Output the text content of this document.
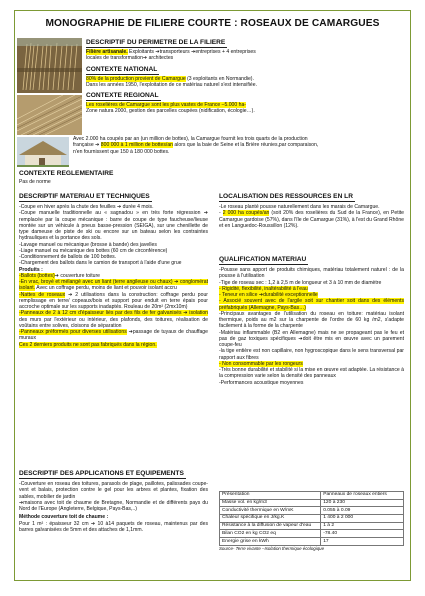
MONOGRAPHIE DE FILIERE COURTE : ROSEAUX DE CAMARGUES
DESCRIPTIF DU PERIMETRE DE LA FILIERE

Filière artisanale. Exploitants ➔transporteurs ➔entreprises + 4 entreprises

locales de transformation➔ architectes

CONTEXTE NATIONAL

80% de la production provient de Camargue (3 exploitants en Normandie).

Dans les années 1950, l'exploitation de ce matériau naturel s'est intensifiée.

CONTEXTE REGIONAL

Les roselières de Camargue sont les plus vastes de France –5.000 ha-

Zone natura 2000, gestion des parcelles coupées (nidification, écologie…).

Avec 2.000 ha coupés par an (un million de bottes), la Camargue fournit les trois quarts de la production

française ➔ 800 000 à 1 million de bottes/an alors que la baie de Seine et la Brière réunies,par comparaison,

n'en fournissent que 150 à 180 000 bottes.

CONTEXTE REGLEMENTAIRE
Pas de norme
DESCRIPTIF MATERIAU ET TECHNIQUES

-Coupe en hiver après la chute des feuilles ➔ durée 4 mois.

-Coupe manuelle traditionnelle au « sagnadou » en très forte régression ➔ remplacée par la coupe mécanique : barre de coupe de type faucheuse/lieuse montée sur un véhicule à pneus basse-pression (SEIGA), sur une chenillette de type dameuse de piste de ski ou encore sur un bateau selon les contraintes hydrauliques et la portance des sols.

-Lavage manuel ou mécanique (brosse à bande) des javelles

-Liage manuel ou mécanique des bottes (60 cm de circonférence)

-Conditionnement de ballots de 100 bottes.

-Chargement des ballots dans le camion de transport à l'aide d'une grue

Produits :

-Ballots (bottes)➔ couverture toiture

-En vrac, broyé et mélangé avec un liant (terre angileuse ou chaux) ➔ conglomérat isolant. Avec un coffrage perdu, moins de liant et pouvoir isolant accru

-Nattes de roseaux ➔ 2 utilisations dans la construction: coffrage perdu pour remplissage en terre/ copeaux/bois et support pour enduit en terre épais pour accroche optimale sur les supports inadaptés. Rouleau de 20m² (2mx10m)

-Panneaux de 2 à 12 cm d'épaisseur liés par des fils de fer galvanisés ➔ isolation des murs par l'extérieur ou intérieur, des plafonds, des toitures, réalisation de voûtains entre solives, cloisons de séparation

-Panneaux préformés pour diverses utilisations ➔passage de tuyaux de chauffage muraux

Ces 2 derniers produits ne sont pas fabriqués dans la région.

DESCRIPTIF DES APPLICATIONS ET EQUIPEMENTS

-Couverture en roseau des toitures, parasols de plage, paillotes, palissades coupe-vent et balais, protection contre le gel pour les arbres et plantes, fixation des sables, mobilier de jardin

➔maisons avec toit de chaume de Bretagne, Normandie et de différents pays du Nord de l'Europe (Angleterre, Belgique, Pays-Bas,..)

Méthode couverture toit de chaume :

Pour 1 m² : épaisseur 32 cm ➔ 10 à14 paquets de roseau, maintenus par des barres galvanisées de 5mm et des attaches de 1,1mm.

LOCALISATION DES RESSOURCES EN LR

-Le roseau planté pousse naturellement dans les marais de Camargue.

- 2 000 ha coupés/an (soit 20% des roselières du Sud de la France), en Petite Camargue gardoise (57%), dans l'île de Camargue (31%), à l'est du Grand Rhône et en Languedoc-Roussillon (12%).

QUALIFICATION MATERIAU

-Pousse sans apport de produits chimiques, matériau totalement naturel : de la pousse à l'utilisation

-Tige de roseau sec : 1,2 à 2,5 m de longueur et 3 à 10 mm de diamètre

- Rigidité, flexibilité, inaltérabilité à l'eau

- Teneur en silice ➔durabilité exceptionnelle

- Associé souvent avec de l'argile soit sur chantier soit dans des éléments préfabriqués (Allemagne, Pays-Bas…)

-Principaux avantages de l'utilisation du roseau en toiture: matériau isolant thermique, poids au m2 sur la charpente de l'ordre de 60 kg /m2, s'adapte facilement à la forme de la charpente

-Matériau inflammable (B2 en Allemagne) mais ne se propageant pas le feu et pas de gaz toxiques spécifiques ➔doit être mis en œuvre avec un parement coupe-feu

-la tige entière est non capillaire, non hygroscopique dans le sens transversal par rapport aux fibres

- Non consommable par les rongeurs

-Très bonne durabilité et stabilité si la mise en œuvre est adaptée. La résistance à la compression varie selon la densité des panneaux

-Performances acoustique moyennes

Présentation	Panneaux de roseaux entiers
Masse vol. en kg/m3	120 à 230
Conductivité thermique en W/mK	0.055 à 0.09
Chaleur spécifique en J/kg.K	1 400 à 2 000
Résistance à la diffusion de vapeur d'eau	1 à 2
Bilan CO2 en kg CO2 eq	-78.40
Energie grise en kWh	17
Source- Terre vivante –Isolation thermique écologique
